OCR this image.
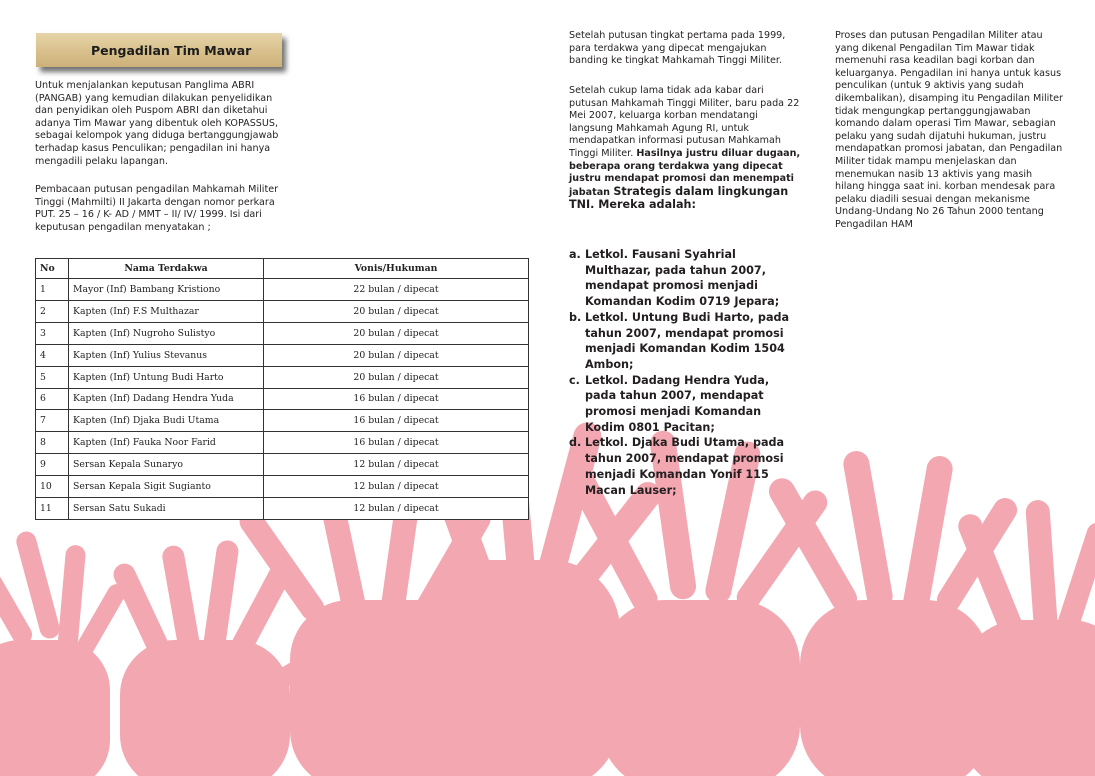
Pengadilan Tim Mawar
Untuk menjalankan keputusan Panglima ABRI (PANGAB) yang kemudian dilakukan penyelidikan dan penyidikan oleh Puspom ABRI dan diketahui adanya Tim Mawar yang dibentuk oleh KOPASSUS, sebagai kelompok yang diduga bertanggungjawab terhadap kasus Penculikan; pengadilan ini hanya mengadili pelaku lapangan.
Pembacaan putusan pengadilan Mahkamah Militer Tinggi (Mahmilti) II Jakarta dengan nomor perkara PUT. 25 – 16 / K- AD / MMT – II/ IV/ 1999. Isi dari keputusan pengadilan menyatakan ;
No	Nama Terdakwa	Vonis/Hukuman
1	Mayor (Inf) Bambang Kristiono	22 bulan / dipecat
2	Kapten (Inf) F.S Multhazar	20 bulan / dipecat
3	Kapten (Inf) Nugroho Sulistyo	20 bulan / dipecat
4	Kapten (Inf) Yulius Stevanus	20 bulan / dipecat
5	Kapten (Inf) Untung Budi Harto	20 bulan / dipecat
6	Kapten (Inf) Dadang Hendra Yuda	16 bulan / dipecat
7	Kapten (Inf) Djaka Budi Utama	16 bulan / dipecat
8	Kapten (Inf) Fauka Noor Farid	16 bulan / dipecat
9	Sersan Kepala Sunaryo	12 bulan / dipecat
10	Sersan Kepala Sigit Sugianto	12 bulan / dipecat
11	Sersan Satu Sukadi	12 bulan / dipecat
Setelah putusan tingkat pertama pada 1999, para terdakwa yang dipecat mengajukan banding ke tingkat Mahkamah Tinggi Militer.
Setelah cukup lama tidak ada kabar dari putusan Mahkamah Tinggi Militer, baru pada 22 Mei 2007, keluarga korban mendatangi langsung Mahkamah Agung RI, untuk mendapatkan informasi putusan Mahkamah Tinggi Militer. Hasilnya justru diluar dugaan, beberapa orang terdakwa yang dipecat justru mendapat promosi dan menempati jabatan Strategis dalam lingkungan TNI. Mereka adalah:
a. Letkol. Fausani Syahrial Multhazar, pada tahun 2007, mendapat promosi menjadi Komandan Kodim 0719 Jepara;
b. Letkol. Untung Budi Harto, pada tahun 2007, mendapat promosi menjadi Komandan Kodim 1504 Ambon;
c. Letkol. Dadang Hendra Yuda, pada tahun 2007, mendapat promosi menjadi Komandan Kodim 0801 Pacitan;
d. Letkol. Djaka Budi Utama, pada tahun 2007, mendapat promosi menjadi Komandan Yonif 115 Macan Lauser;
Proses dan putusan Pengadilan Militer atau yang dikenal Pengadilan Tim Mawar tidak memenuhi rasa keadilan bagi korban dan keluarganya. Pengadilan ini hanya untuk kasus penculikan (untuk 9 aktivis yang sudah dikembalikan), disamping itu Pengadilan Militer tidak mengungkap pertanggungjawaban komando dalam operasi Tim Mawar, sebagian pelaku yang sudah dijatuhi hukuman, justru mendapatkan promosi jabatan, dan Pengadilan Militer tidak mampu menjelaskan dan menemukan nasib 13 aktivis yang masih hilang hingga saat ini. korban mendesak para pelaku diadili sesuai dengan mekanisme Undang-Undang No 26 Tahun 2000 tentang Pengadilan HAM
